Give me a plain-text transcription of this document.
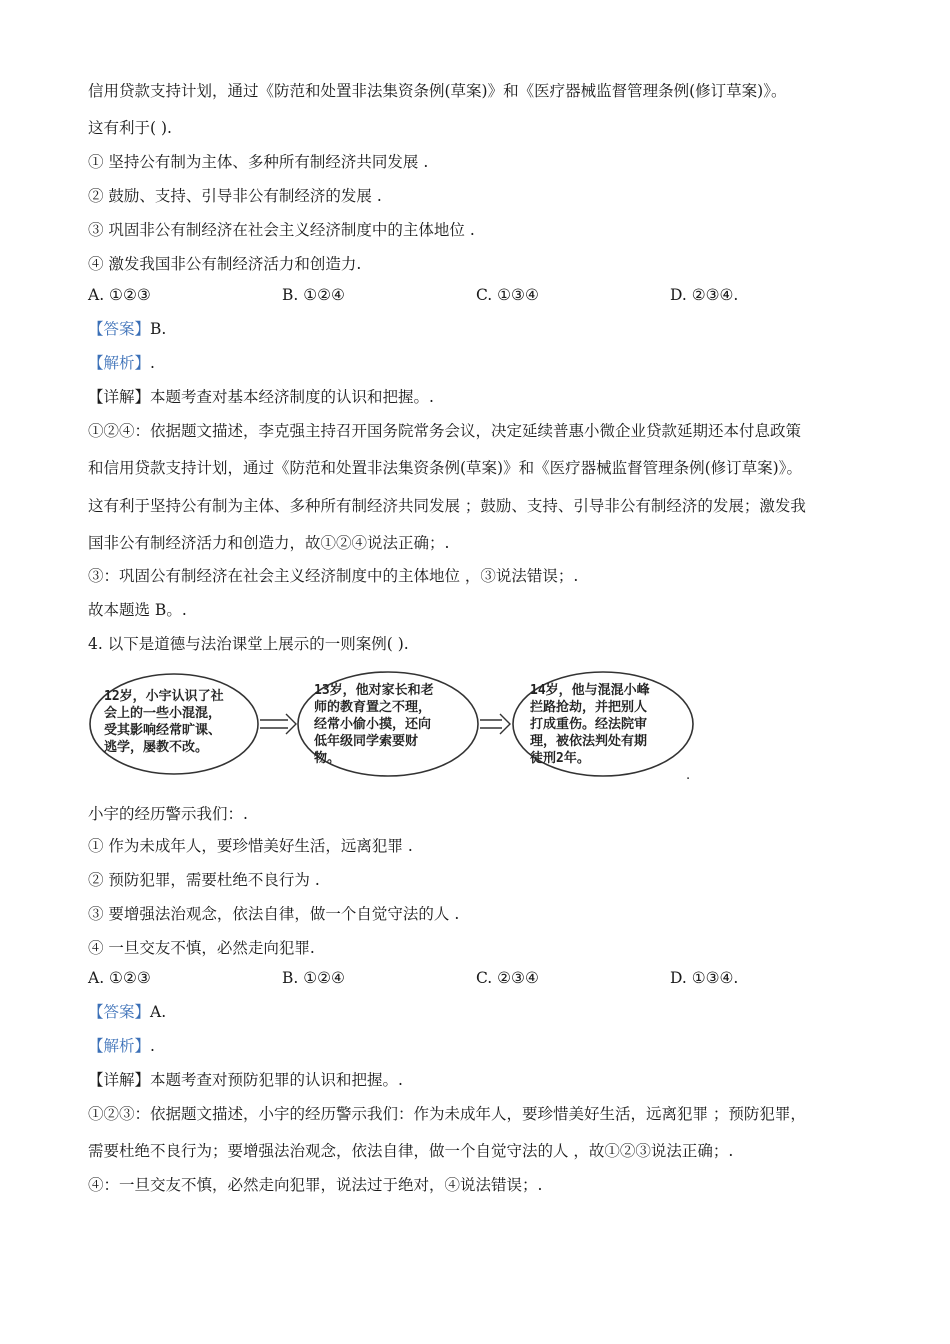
信用贷款支持计划，通过《防范和处置非法集资条例(草案)》和《医疗器械监督管理条例(修订草案)》。
这有利于( ).
① 坚持公有制为主体、多种所有制经济共同发展 .
② 鼓励、支持、引导非公有制经济的发展 .
③ 巩固非公有制经济在社会主义经济制度中的主体地位 .
④ 激发我国非公有制经济活力和创造力.
A. ①②③	B. ①②④	C. ①③④	D. ②③④.
【答案】B.
【解析】.
【详解】本题考查对基本经济制度的认识和把握。.
①②④：依据题文描述，李克强主持召开国务院常务会议，决定延续普惠小微企业贷款延期还本付息政策
和信用贷款支持计划，通过《防范和处置非法集资条例(草案)》和《医疗器械监督管理条例(修订草案)》。
这有利于坚持公有制为主体、多种所有制经济共同发展 ；鼓励、支持、引导非公有制经济的发展；激发我
国非公有制经济活力和创造力，故①②④说法正确；.
③：巩固公有制经济在社会主义经济制度中的主体地位 ，③说法错误；.
故本题选 B。.
4. 以下是道德与法治课堂上展示的一则案例( ).
12岁，小宇认识了社
会上的一些小混混，
受其影响经常旷课、
逃学，屡教不改。
13岁，他对家长和老
师的教育置之不理，
经常小偷小摸，还向
低年级同学索要财
物。
14岁，他与混混小峰
拦路抢劫，并把别人
打成重伤。经法院审
理，被依法判处有期
徒刑2年。
.
小宇的经历警示我们：.
① 作为未成年人，要珍惜美好生活，远离犯罪 .
② 预防犯罪，需要杜绝不良行为 .
③ 要增强法治观念，依法自律，做一个自觉守法的人 .
④ 一旦交友不慎，必然走向犯罪.
A. ①②③	B. ①②④	C. ②③④	D. ①③④.
【答案】A.
【解析】.
【详解】本题考查对预防犯罪的认识和把握。.
①②③：依据题文描述，小宇的经历警示我们：作为未成年人，要珍惜美好生活，远离犯罪 ；预防犯罪，
需要杜绝不良行为；要增强法治观念，依法自律，做一个自觉守法的人 ，故①②③说法正确；.
④：一旦交友不慎，必然走向犯罪，说法过于绝对，④说法错误；.
